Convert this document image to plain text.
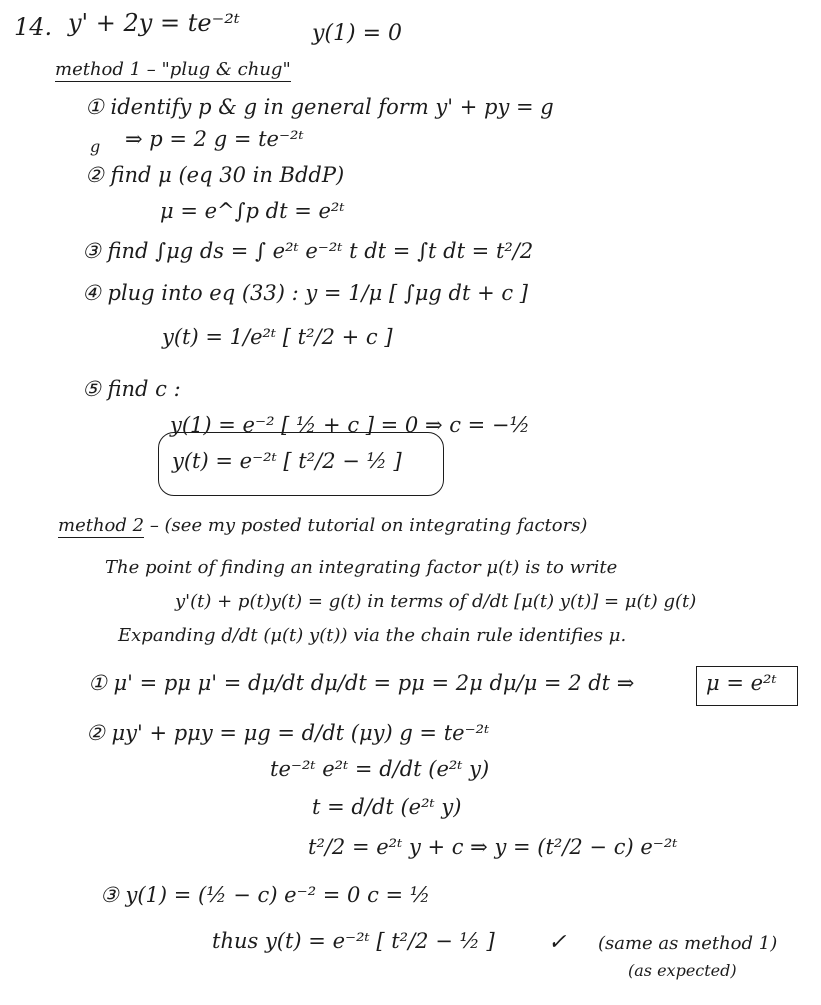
14. y' + 2y = te⁻²ᵗ	y(1) = 0
method 1 – "plug & chug"
① identify p & g in general form y' + py = g
g ⇒ p = 2 g = te⁻²ᵗ
② find μ (eq 30 in BddP)
μ = e^∫p dt = e²ᵗ
③ find ∫μg ds = ∫ e²ᵗ e⁻²ᵗ t dt = ∫t dt = t²/2
④ plug into eq (33) : y = 1/μ [ ∫μg dt + c ]
y(t) = 1/e²ᵗ [ t²/2 + c ]
⑤ find c :
y(1) = e⁻² [ ½ + c ] = 0 ⇒ c = −½
y(t) = e⁻²ᵗ [ t²/2 − ½ ]
method 2 – (see my posted tutorial on integrating factors)
The point of finding an integrating factor μ(t) is to write
y'(t) + p(t)y(t) = g(t) in terms of d/dt [μ(t) y(t)] = μ(t) g(t)
Expanding d/dt (μ(t) y(t)) via the chain rule identifies μ.
① μ' = pμ μ' = dμ/dt dμ/dt = pμ = 2μ dμ/μ = 2 dt ⇒	μ = e²ᵗ
② μy' + pμy = μg = d/dt (μy) g = te⁻²ᵗ
te⁻²ᵗ e²ᵗ = d/dt (e²ᵗ y)
t = d/dt (e²ᵗ y)
t²/2 = e²ᵗ y + c ⇒ y = (t²/2 − c) e⁻²ᵗ
③ y(1) = (½ − c) e⁻² = 0 c = ½
thus y(t) = e⁻²ᵗ [ t²/2 − ½ ] ✓ (same as method 1)
(as expected)
